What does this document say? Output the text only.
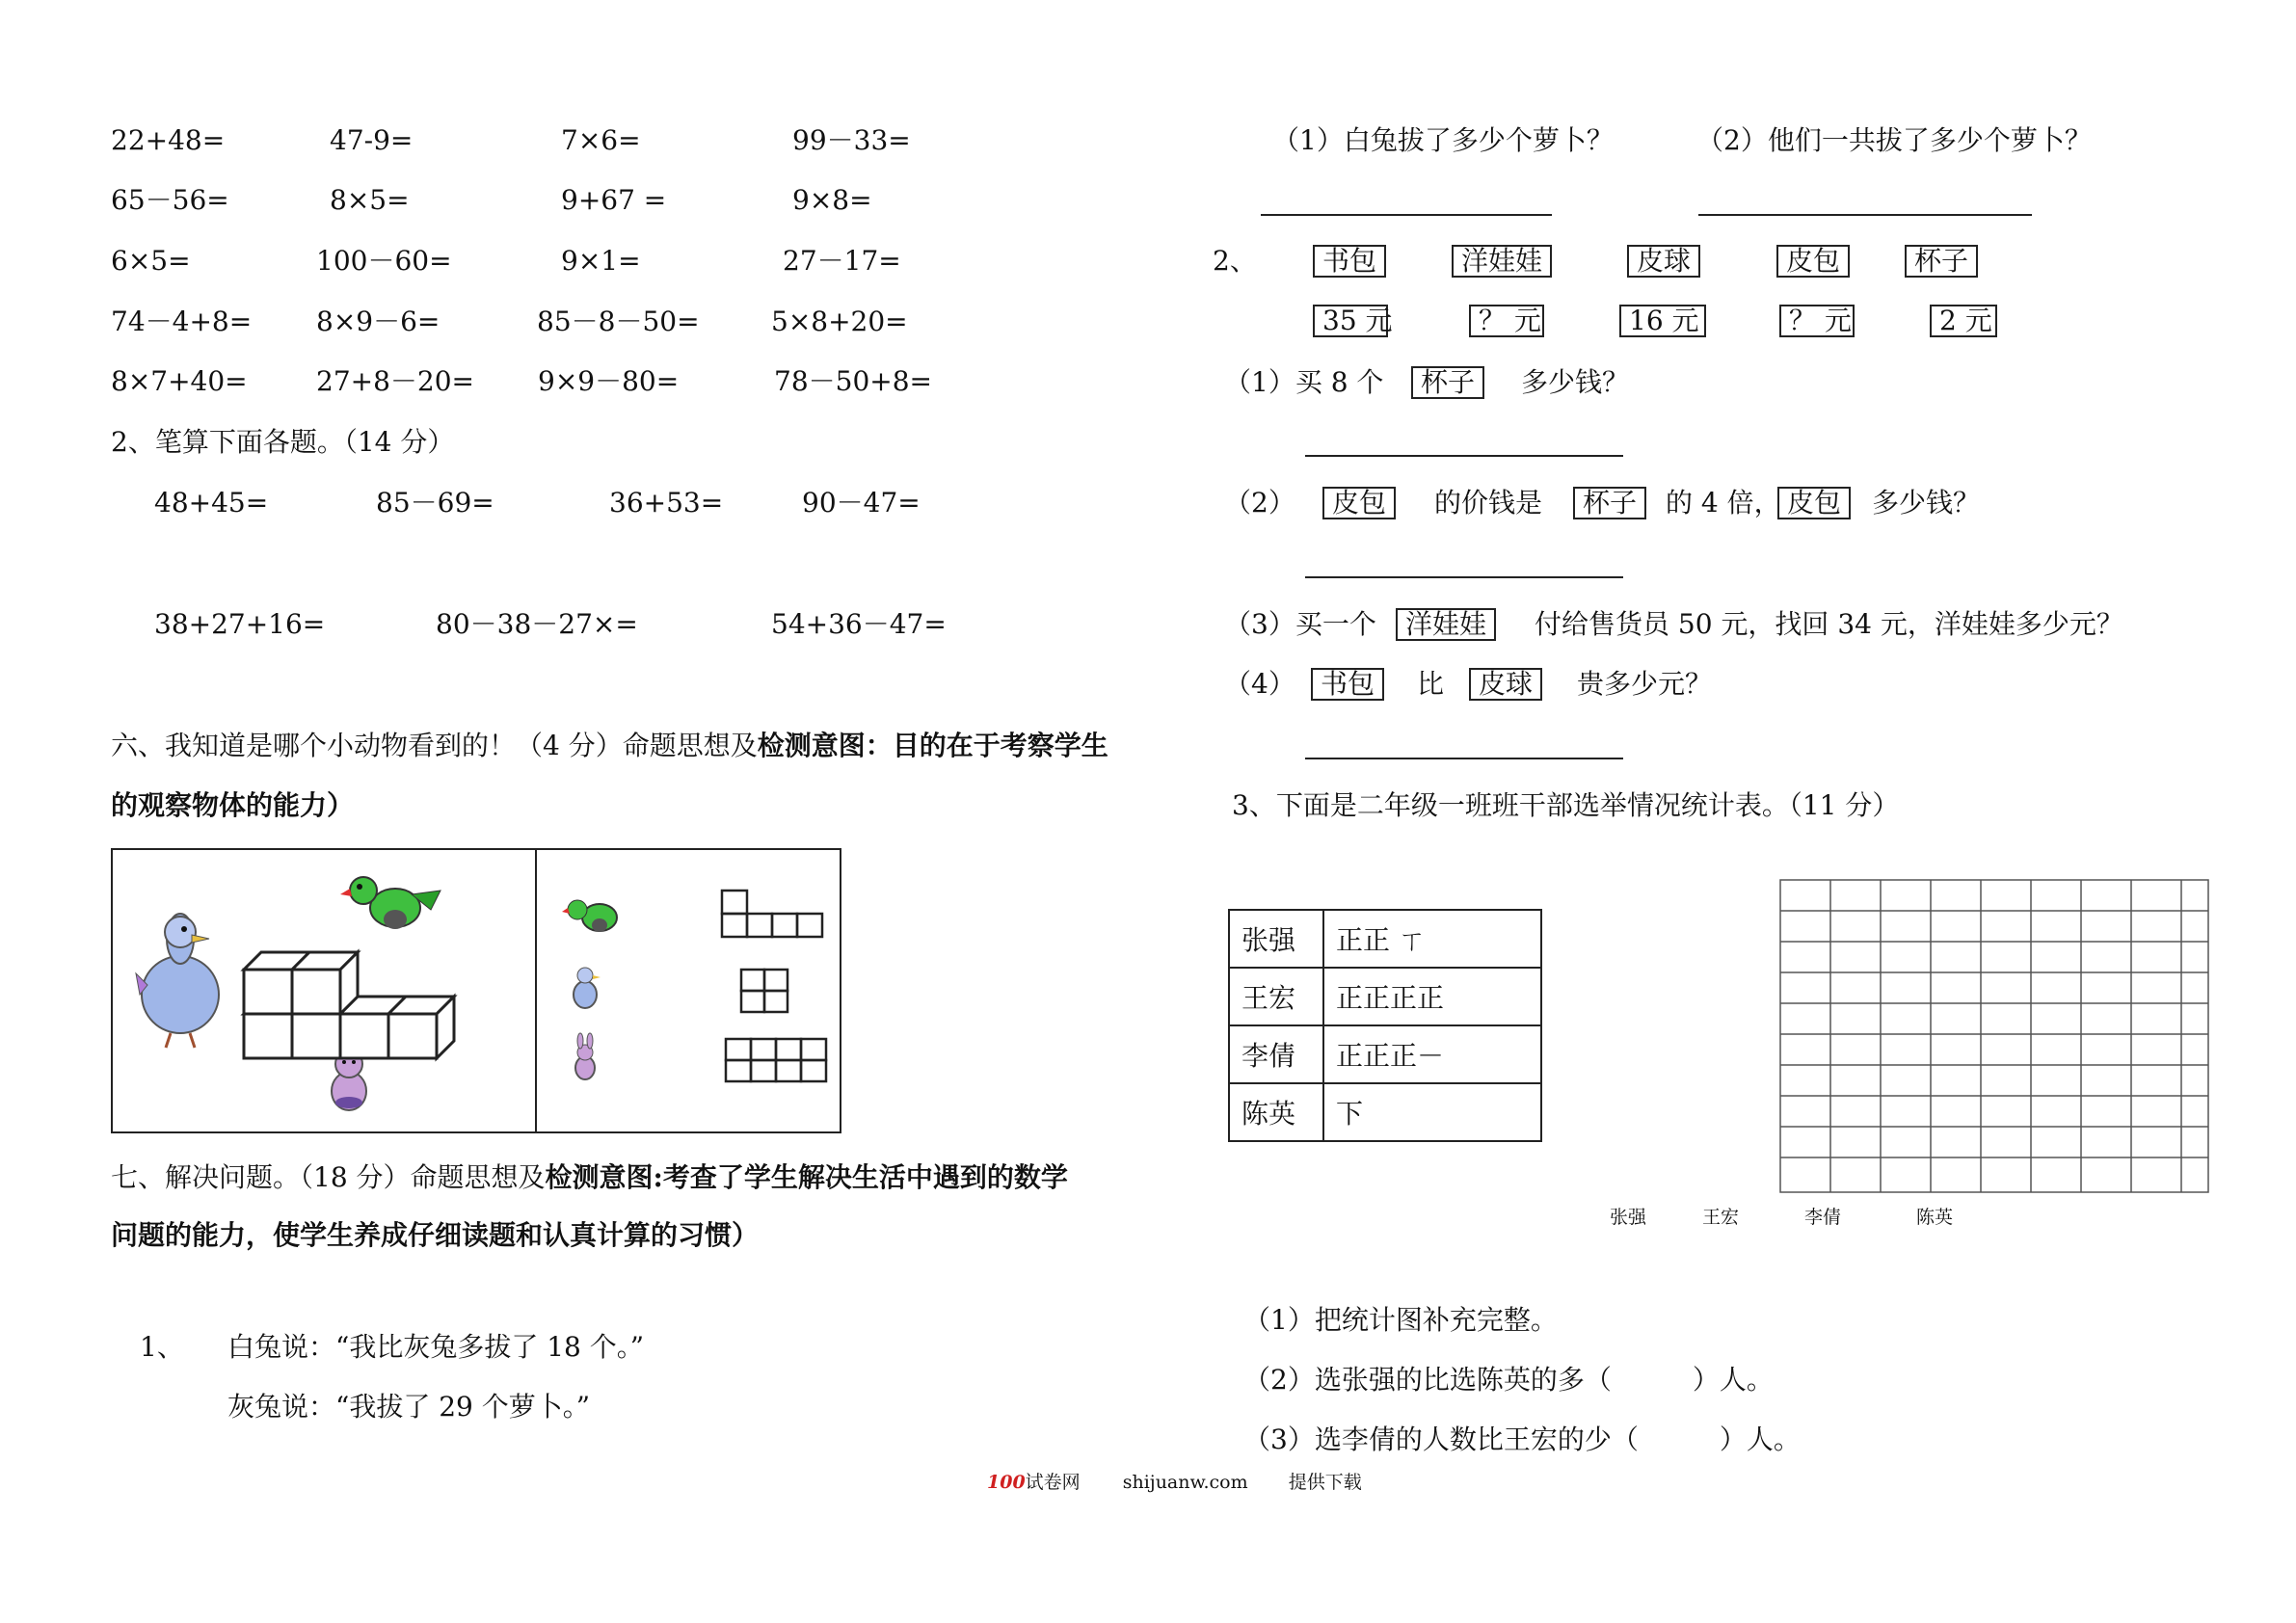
22+48=	47-9=	7×6=	99－33=
65－56=	8×5=	9+67 =	9×8=
6×5=	100－60=	9×1=	27－17=
74－4+8= 8×9－6=	85－8－50=	5×8+20=
8×7+40=	27+8－20= 9×9－80=	78－50+8=
2、笔算下面各题。（14 分）
48+45=	85－69=	36+53=	90－47=
38+27+16=	80－38－27×=	54+36－47=
六、我知道是哪个小动物看到的！（4 分）命题思想及检测意图：目的在于考察学生
的观察物体的能力）
七、解决问题。（18 分）命题思想及检测意图:考查了学生解决生活中遇到的数学
问题的能力，使学生养成仔细读题和认真计算的习惯）
1、 白兔说：“我比灰兔多拔了 18 个。”
灰兔说：“我拔了 29 个萝卜。”
（1）白兔拔了多少个萝卜？	（2）他们一共拔了多少个萝卜？
2、	书包	洋娃娃	皮球	皮包	杯子
35 元	？ 元	16 元	？ 元	2 元
（1）买 8 个	杯子	多少钱？
（2）	皮包	的价钱是	杯子	的 4 倍， 皮包	多少钱？
（3）买一个	洋娃娃	付给售货员 50 元，找回 34 元，洋娃娃多少元？
（4） 书包	比	皮球	贵多少元？
3、下面是二年级一班班干部选举情况统计表。（11 分）
张强	正正 ㄒ
王宏	正正正正
李倩	正正正－
陈英	下
张强	王宏	李倩	陈英
（1）把统计图补充完整。
（2）选张强的比选陈英的多（　　　）人。
（3）选李倩的人数比王宏的少（　　　）人。
100试卷网 shijuanw.com 提供下载
